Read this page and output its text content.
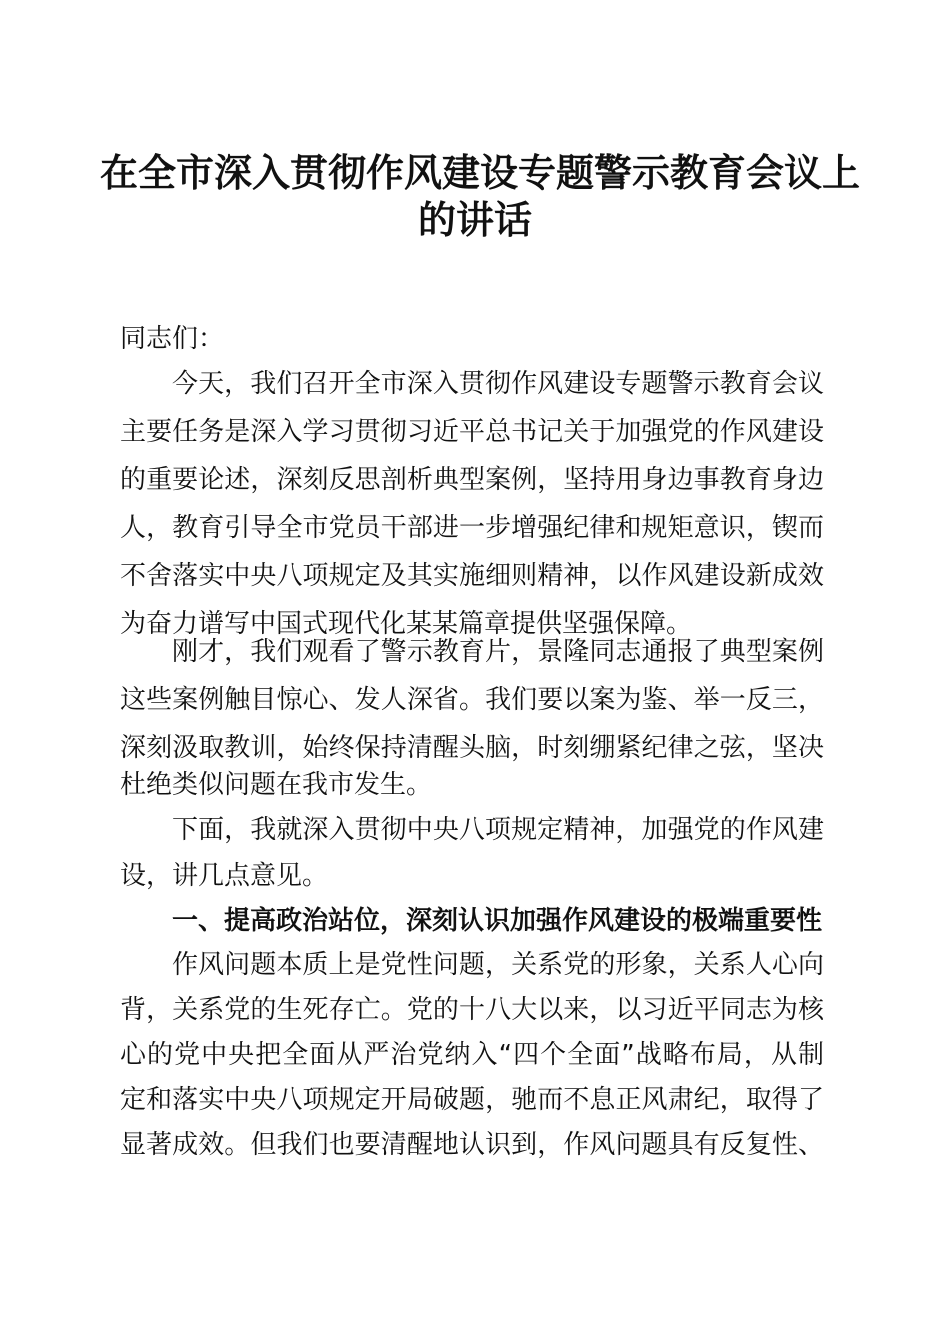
在全市深入贯彻作风建设专题警示教育会议上
的讲话

同志们：

今天，我们召开全市深入贯彻作风建设专题警示教育会议

主要任务是深入学习贯彻习近平总书记关于加强党的作风建设

的重要论述，深刻反思剖析典型案例，坚持用身边事教育身边

人，教育引导全市党员干部进一步增强纪律和规矩意识，锲而

不舍落实中央八项规定及其实施细则精神，以作风建设新成效

为奋力谱写中国式现代化某某篇章提供坚强保障。

刚才，我们观看了警示教育片，景隆同志通报了典型案例

这些案例触目惊心、发人深省。我们要以案为鉴、举一反三，

深刻汲取教训，始终保持清醒头脑，时刻绷紧纪律之弦，坚决

杜绝类似问题在我市发生。

下面，我就深入贯彻中央八项规定精神，加强党的作风建

设，讲几点意见。

一、提高政治站位，深刻认识加强作风建设的极端重要性

作风问题本质上是党性问题，关系党的形象，关系人心向

背，关系党的生死存亡。党的十八大以来，以习近平同志为核

心的党中央把全面从严治党纳入“四个全面”战略布局，从制

定和落实中央八项规定开局破题，驰而不息正风肃纪，取得了

显著成效。但我们也要清醒地认识到，作风问题具有反复性、
